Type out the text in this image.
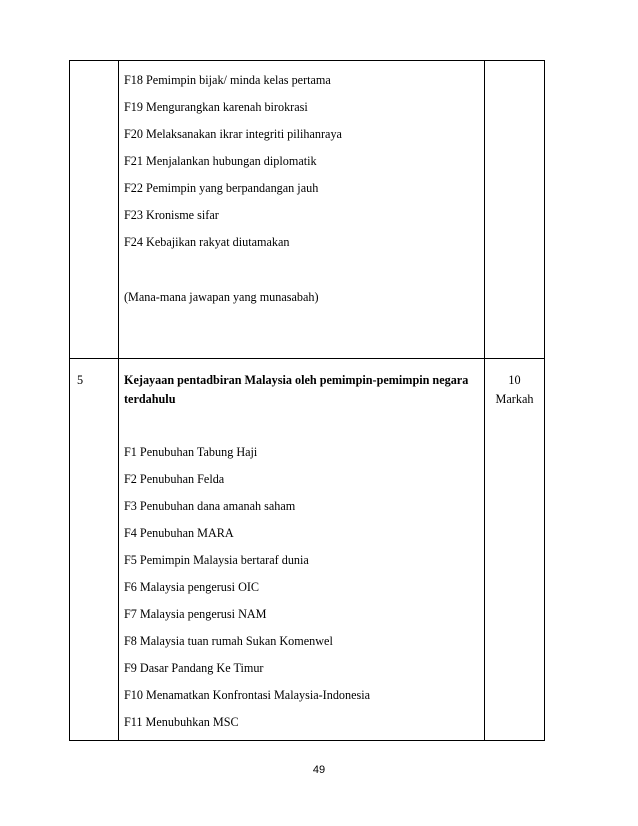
F18 Pemimpin bijak/ minda kelas pertama
F19 Mengurangkan karenah birokrasi
F20 Melaksanakan ikrar integriti pilihanraya
F21 Menjalankan hubungan diplomatik
F22 Pemimpin yang berpandangan jauh
F23 Kronisme sifar
F24 Kebajikan rakyat diutamakan
(Mana-mana jawapan yang munasabah)
5	Kejayaan pentadbiran Malaysia oleh pemimpin-pemimpin negara
terdahulu
10
Markah
F1 Penubuhan Tabung Haji
F2 Penubuhan Felda
F3 Penubuhan dana amanah saham
F4 Penubuhan MARA
F5 Pemimpin Malaysia bertaraf dunia
F6 Malaysia pengerusi OIC
F7 Malaysia pengerusi NAM
F8 Malaysia tuan rumah Sukan Komenwel
F9 Dasar Pandang Ke Timur
F10 Menamatkan Konfrontasi Malaysia-Indonesia
F11 Menubuhkan MSC
49
